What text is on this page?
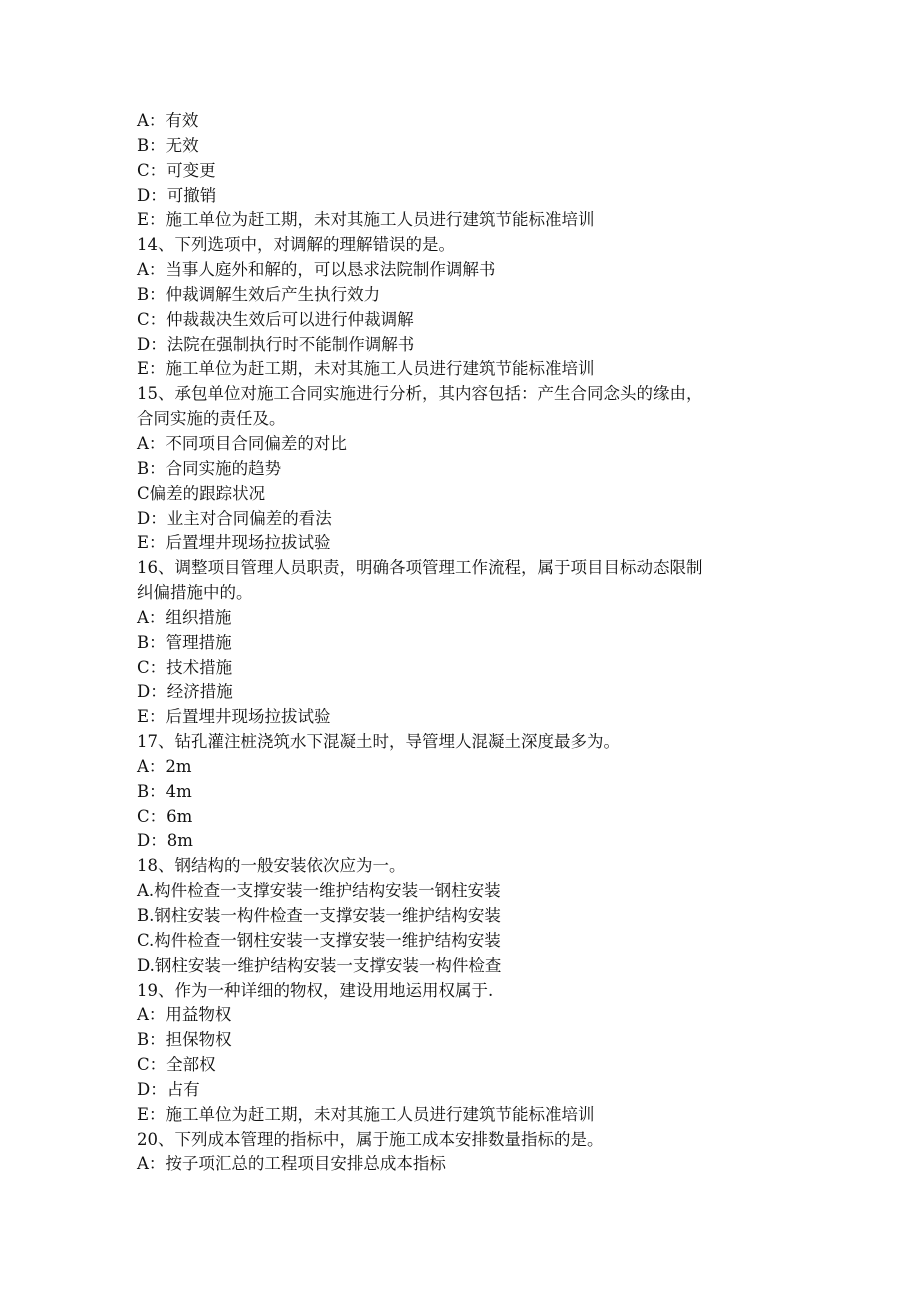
A：有效
B：无效
C：可变更
D：可撤销
E：施工单位为赶工期，未对其施工人员进行建筑节能标准培训
14、下列选项中，对调解的理解错误的是。
A：当事人庭外和解的，可以恳求法院制作调解书
B：仲裁调解生效后产生执行效力
C：仲裁裁决生效后可以进行仲裁调解
D：法院在强制执行时不能制作调解书
E：施工单位为赶工期，未对其施工人员进行建筑节能标准培训
15、承包单位对施工合同实施进行分析，其内容包括：产生合同念头的缘由，
合同实施的责任及。
A：不同项目合同偏差的对比
B：合同实施的趋势
C偏差的跟踪状况
D：业主对合同偏差的看法
E：后置埋井现场拉拔试验
16、调整项目管理人员职责，明确各项管理工作流程，属于项目目标动态限制
纠偏措施中的。
A：组织措施
B：管理措施
C：技术措施
D：经济措施
E：后置埋井现场拉拔试验
17、钻孔灌注桩浇筑水下混凝土时，导管埋人混凝土深度最多为。
A：2m
B：4m
C：6m
D：8m
18、钢结构的一般安装依次应为一。
A.构件检查一支撑安装一维护结构安装一钢柱安装
B.钢柱安装一构件检查一支撑安装一维护结构安装
C.构件检查一钢柱安装一支撑安装一维护结构安装
D.钢柱安装一维护结构安装一支撑安装一构件检查
19、作为一种详细的物权，建设用地运用权属于.
A：用益物权
B：担保物权
C：全部权
D：占有
E：施工单位为赶工期，未对其施工人员进行建筑节能标准培训
20、下列成本管理的指标中，属于施工成本安排数量指标的是。
A：按子项汇总的工程项目安排总成本指标
